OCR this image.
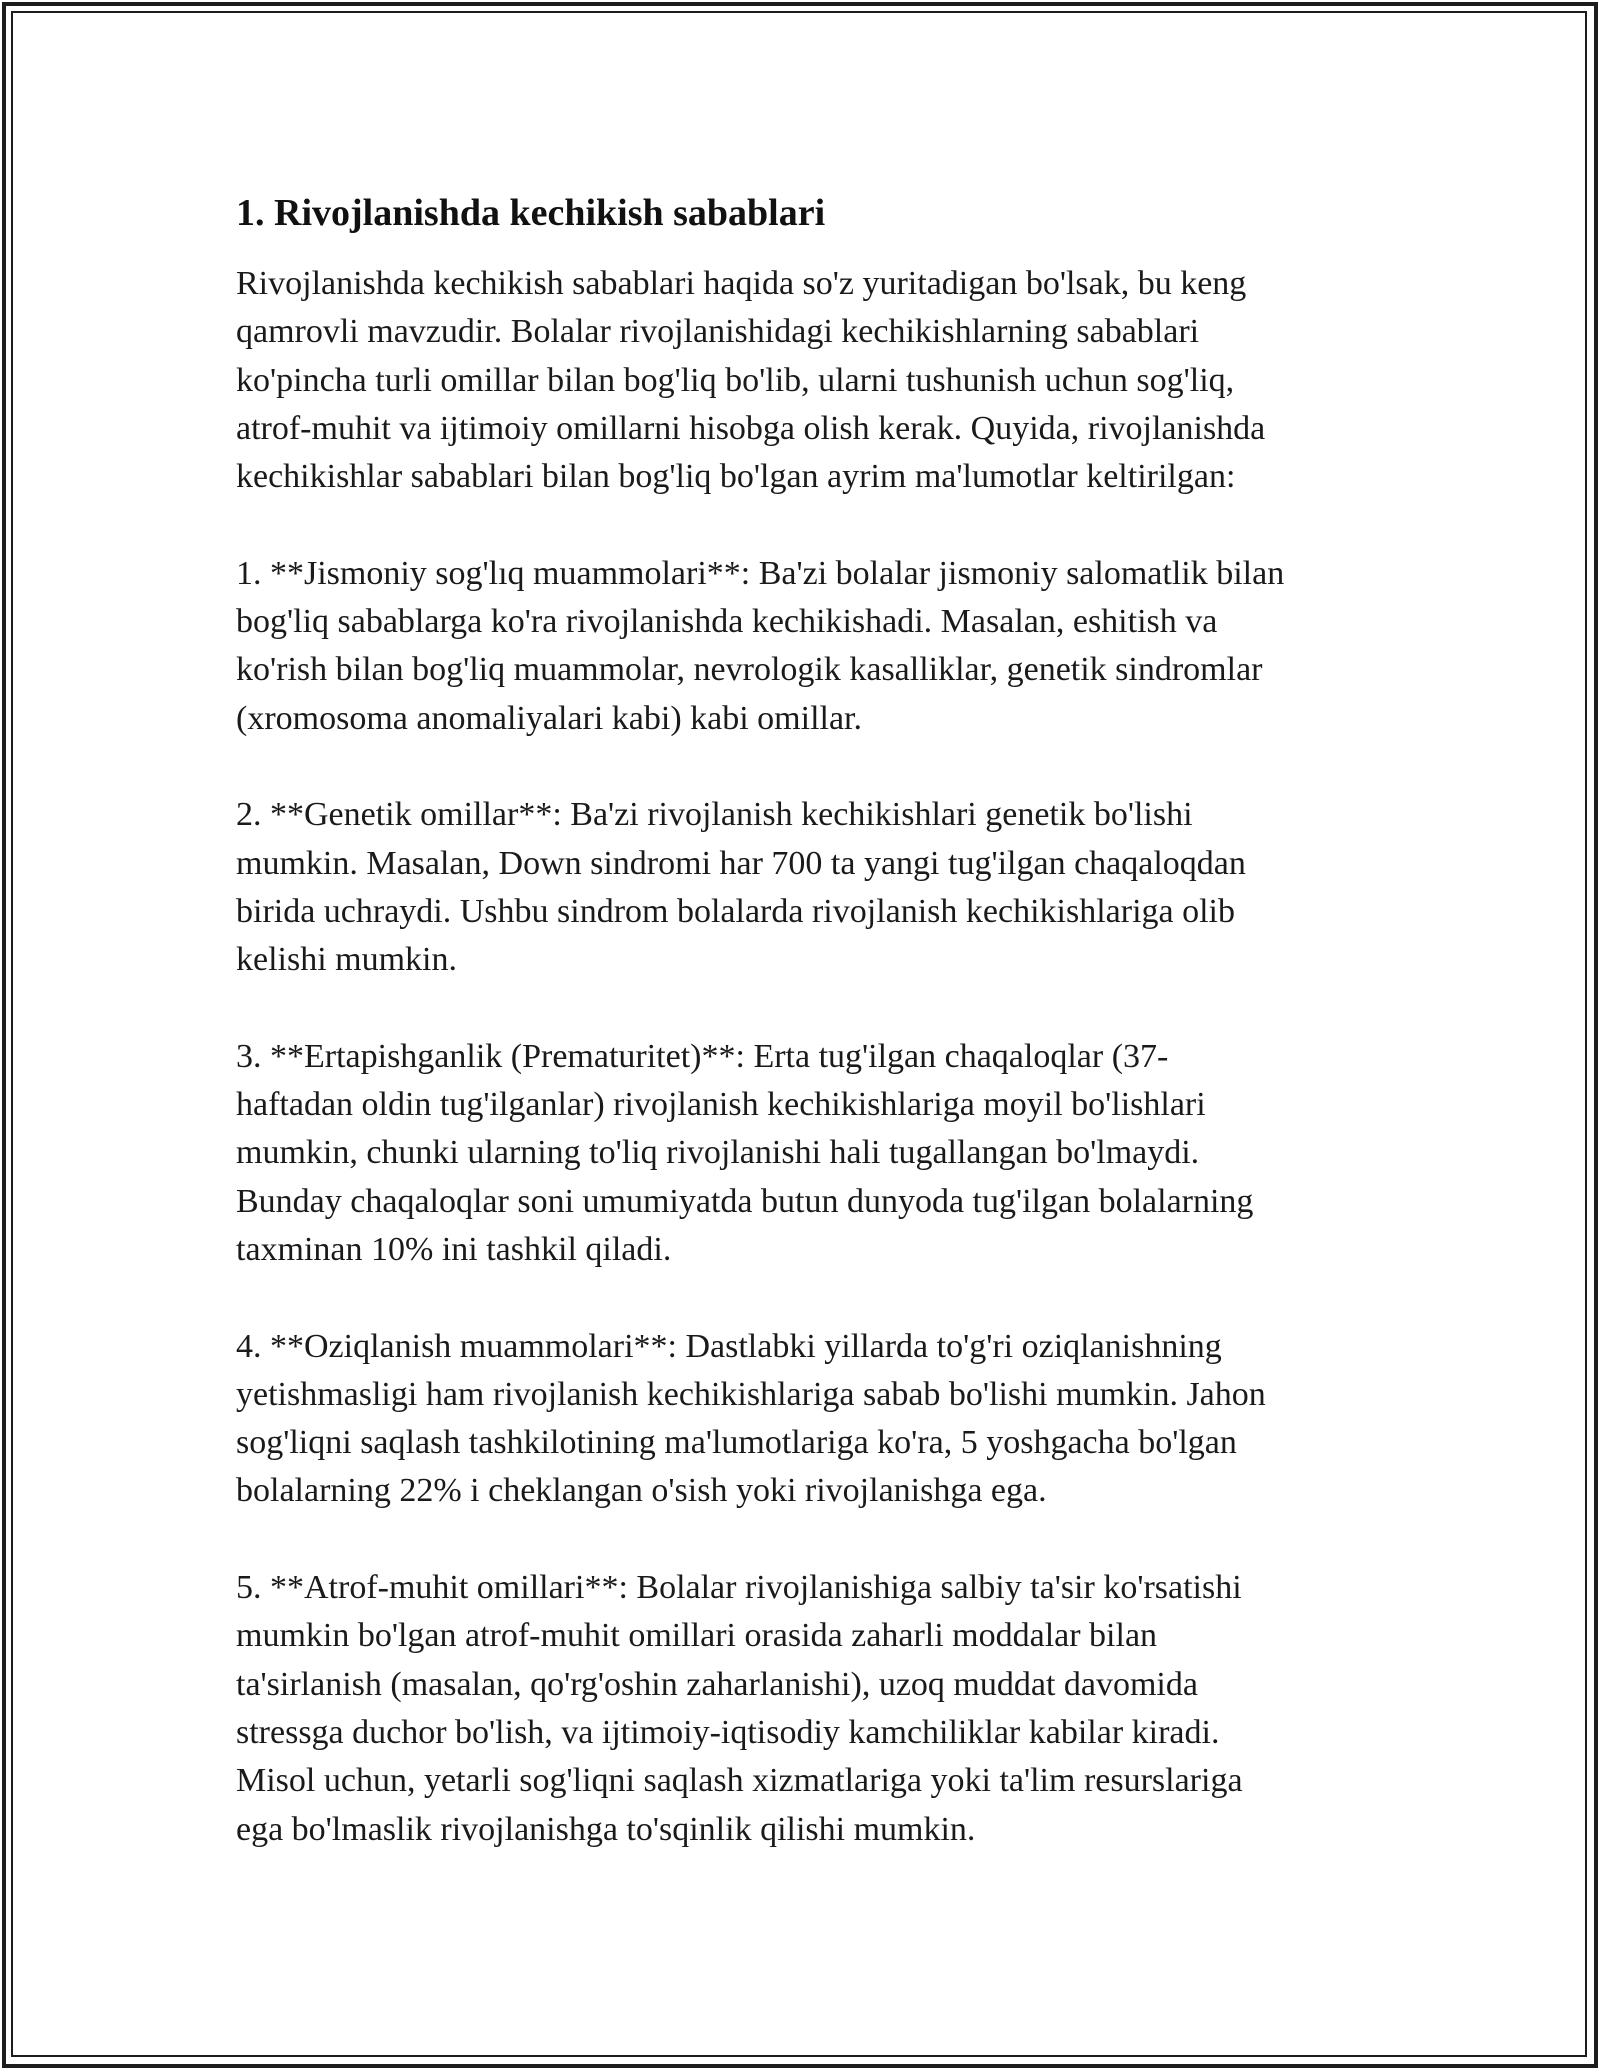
1. Rivojlanishda kechikish sabablari

Rivojlanishda kechikish sabablari haqida so'z yuritadigan bo'lsak, bu keng
qamrovli mavzudir. Bolalar rivojlanishidagi kechikishlarning sabablari
ko'pincha turli omillar bilan bog'liq bo'lib, ularni tushunish uchun sog'liq,
atrof-muhit va ijtimoiy omillarni hisobga olish kerak. Quyida, rivojlanishda
kechikishlar sabablari bilan bog'liq bo'lgan ayrim ma'lumotlar keltirilgan:

1. **Jismoniy sog'lıq muammolari**: Ba'zi bolalar jismoniy salomatlik bilan
bog'liq sabablarga ko'ra rivojlanishda kechikishadi. Masalan, eshitish va
ko'rish bilan bog'liq muammolar, nevrologik kasalliklar, genetik sindromlar
(xromosoma anomaliyalari kabi) kabi omillar.

2. **Genetik omillar**: Ba'zi rivojlanish kechikishlari genetik bo'lishi
mumkin. Masalan, Down sindromi har 700 ta yangi tug'ilgan chaqaloqdan
birida uchraydi. Ushbu sindrom bolalarda rivojlanish kechikishlariga olib
kelishi mumkin.

3. **Ertapishganlik (Prematuritet)**: Erta tug'ilgan chaqaloqlar (37-
haftadan oldin tug'ilganlar) rivojlanish kechikishlariga moyil bo'lishlari
mumkin, chunki ularning to'liq rivojlanishi hali tugallangan bo'lmaydi.
Bunday chaqaloqlar soni umumiyatda butun dunyoda tug'ilgan bolalarning
taxminan 10% ini tashkil qiladi.

4. **Oziqlanish muammolari**: Dastlabki yillarda to'g'ri oziqlanishning
yetishmasligi ham rivojlanish kechikishlariga sabab bo'lishi mumkin. Jahon
sog'liqni saqlash tashkilotining ma'lumotlariga ko'ra, 5 yoshgacha bo'lgan
bolalarning 22% i cheklangan o'sish yoki rivojlanishga ega.

5. **Atrof-muhit omillari**: Bolalar rivojlanishiga salbiy ta'sir ko'rsatishi
mumkin bo'lgan atrof-muhit omillari orasida zaharli moddalar bilan
ta'sirlanish (masalan, qo'rg'oshin zaharlanishi), uzoq muddat davomida
stressga duchor bo'lish, va ijtimoiy-iqtisodiy kamchiliklar kabilar kiradi.
Misol uchun, yetarli sog'liqni saqlash xizmatlariga yoki ta'lim resurslariga
ega bo'lmaslik rivojlanishga to'sqinlik qilishi mumkin.
